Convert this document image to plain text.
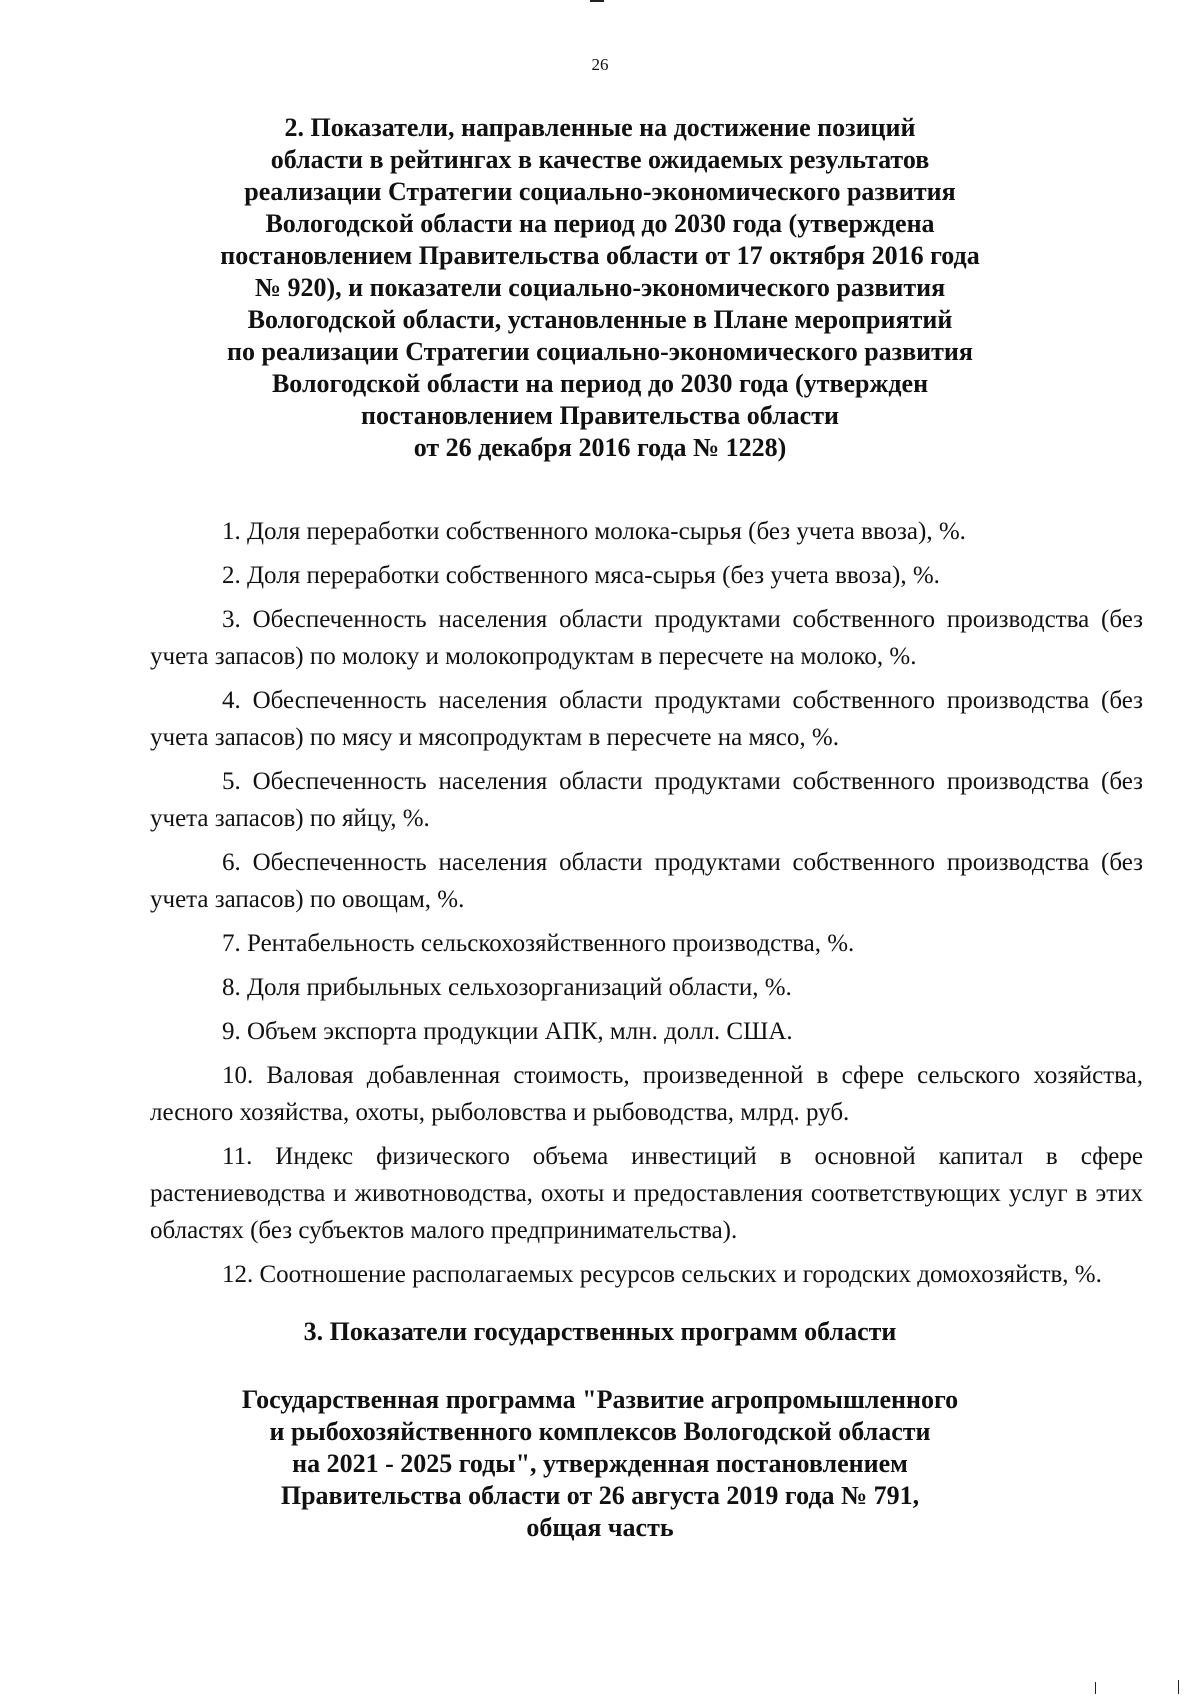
26
2. Показатели, направленные на достижение позиций
области в рейтингах в качестве ожидаемых результатов
реализации Стратегии социально-экономического развития
Вологодской области на период до 2030 года (утверждена
постановлением Правительства области от 17 октября 2016 года
№ 920), и показатели социально-экономического развития
Вологодской области, установленные в Плане мероприятий
по реализации Стратегии социально-экономического развития
Вологодской области на период до 2030 года (утвержден
постановлением Правительства области
от 26 декабря 2016 года № 1228)

1. Доля переработки собственного молока-сырья (без учета ввоза), %.

2. Доля переработки собственного мяса-сырья (без учета ввоза), %.

3. Обеспеченность населения области продуктами собственного производства (без учета запасов) по молоку и молокопродуктам в пересчете на молоко, %.

4. Обеспеченность населения области продуктами собственного производства (без учета запасов) по мясу и мясопродуктам в пересчете на мясо, %.

5. Обеспеченность населения области продуктами собственного производства (без учета запасов) по яйцу, %.

6. Обеспеченность населения области продуктами собственного производства (без учета запасов) по овощам, %.

7. Рентабельность сельскохозяйственного производства, %.

8. Доля прибыльных сельхозорганизаций области, %.

9. Объем экспорта продукции АПК, млн. долл. США.

10. Валовая добавленная стоимость, произведенной в сфере сельского хозяйства, лесного хозяйства, охоты, рыболовства и рыбоводства, млрд. руб.

11. Индекс физического объема инвестиций в основной капитал в сфере растениеводства и животноводства, охоты и предоставления соответствующих услуг в этих областях (без субъектов малого предпринимательства).

12. Соотношение располагаемых ресурсов сельских и городских домохозяйств, %.

3. Показатели государственных программ области
Государственная программа "Развитие агропромышленного
и рыбохозяйственного комплексов Вологодской области
на 2021 - 2025 годы", утвержденная постановлением
Правительства области от 26 августа 2019 года № 791,
общая часть
